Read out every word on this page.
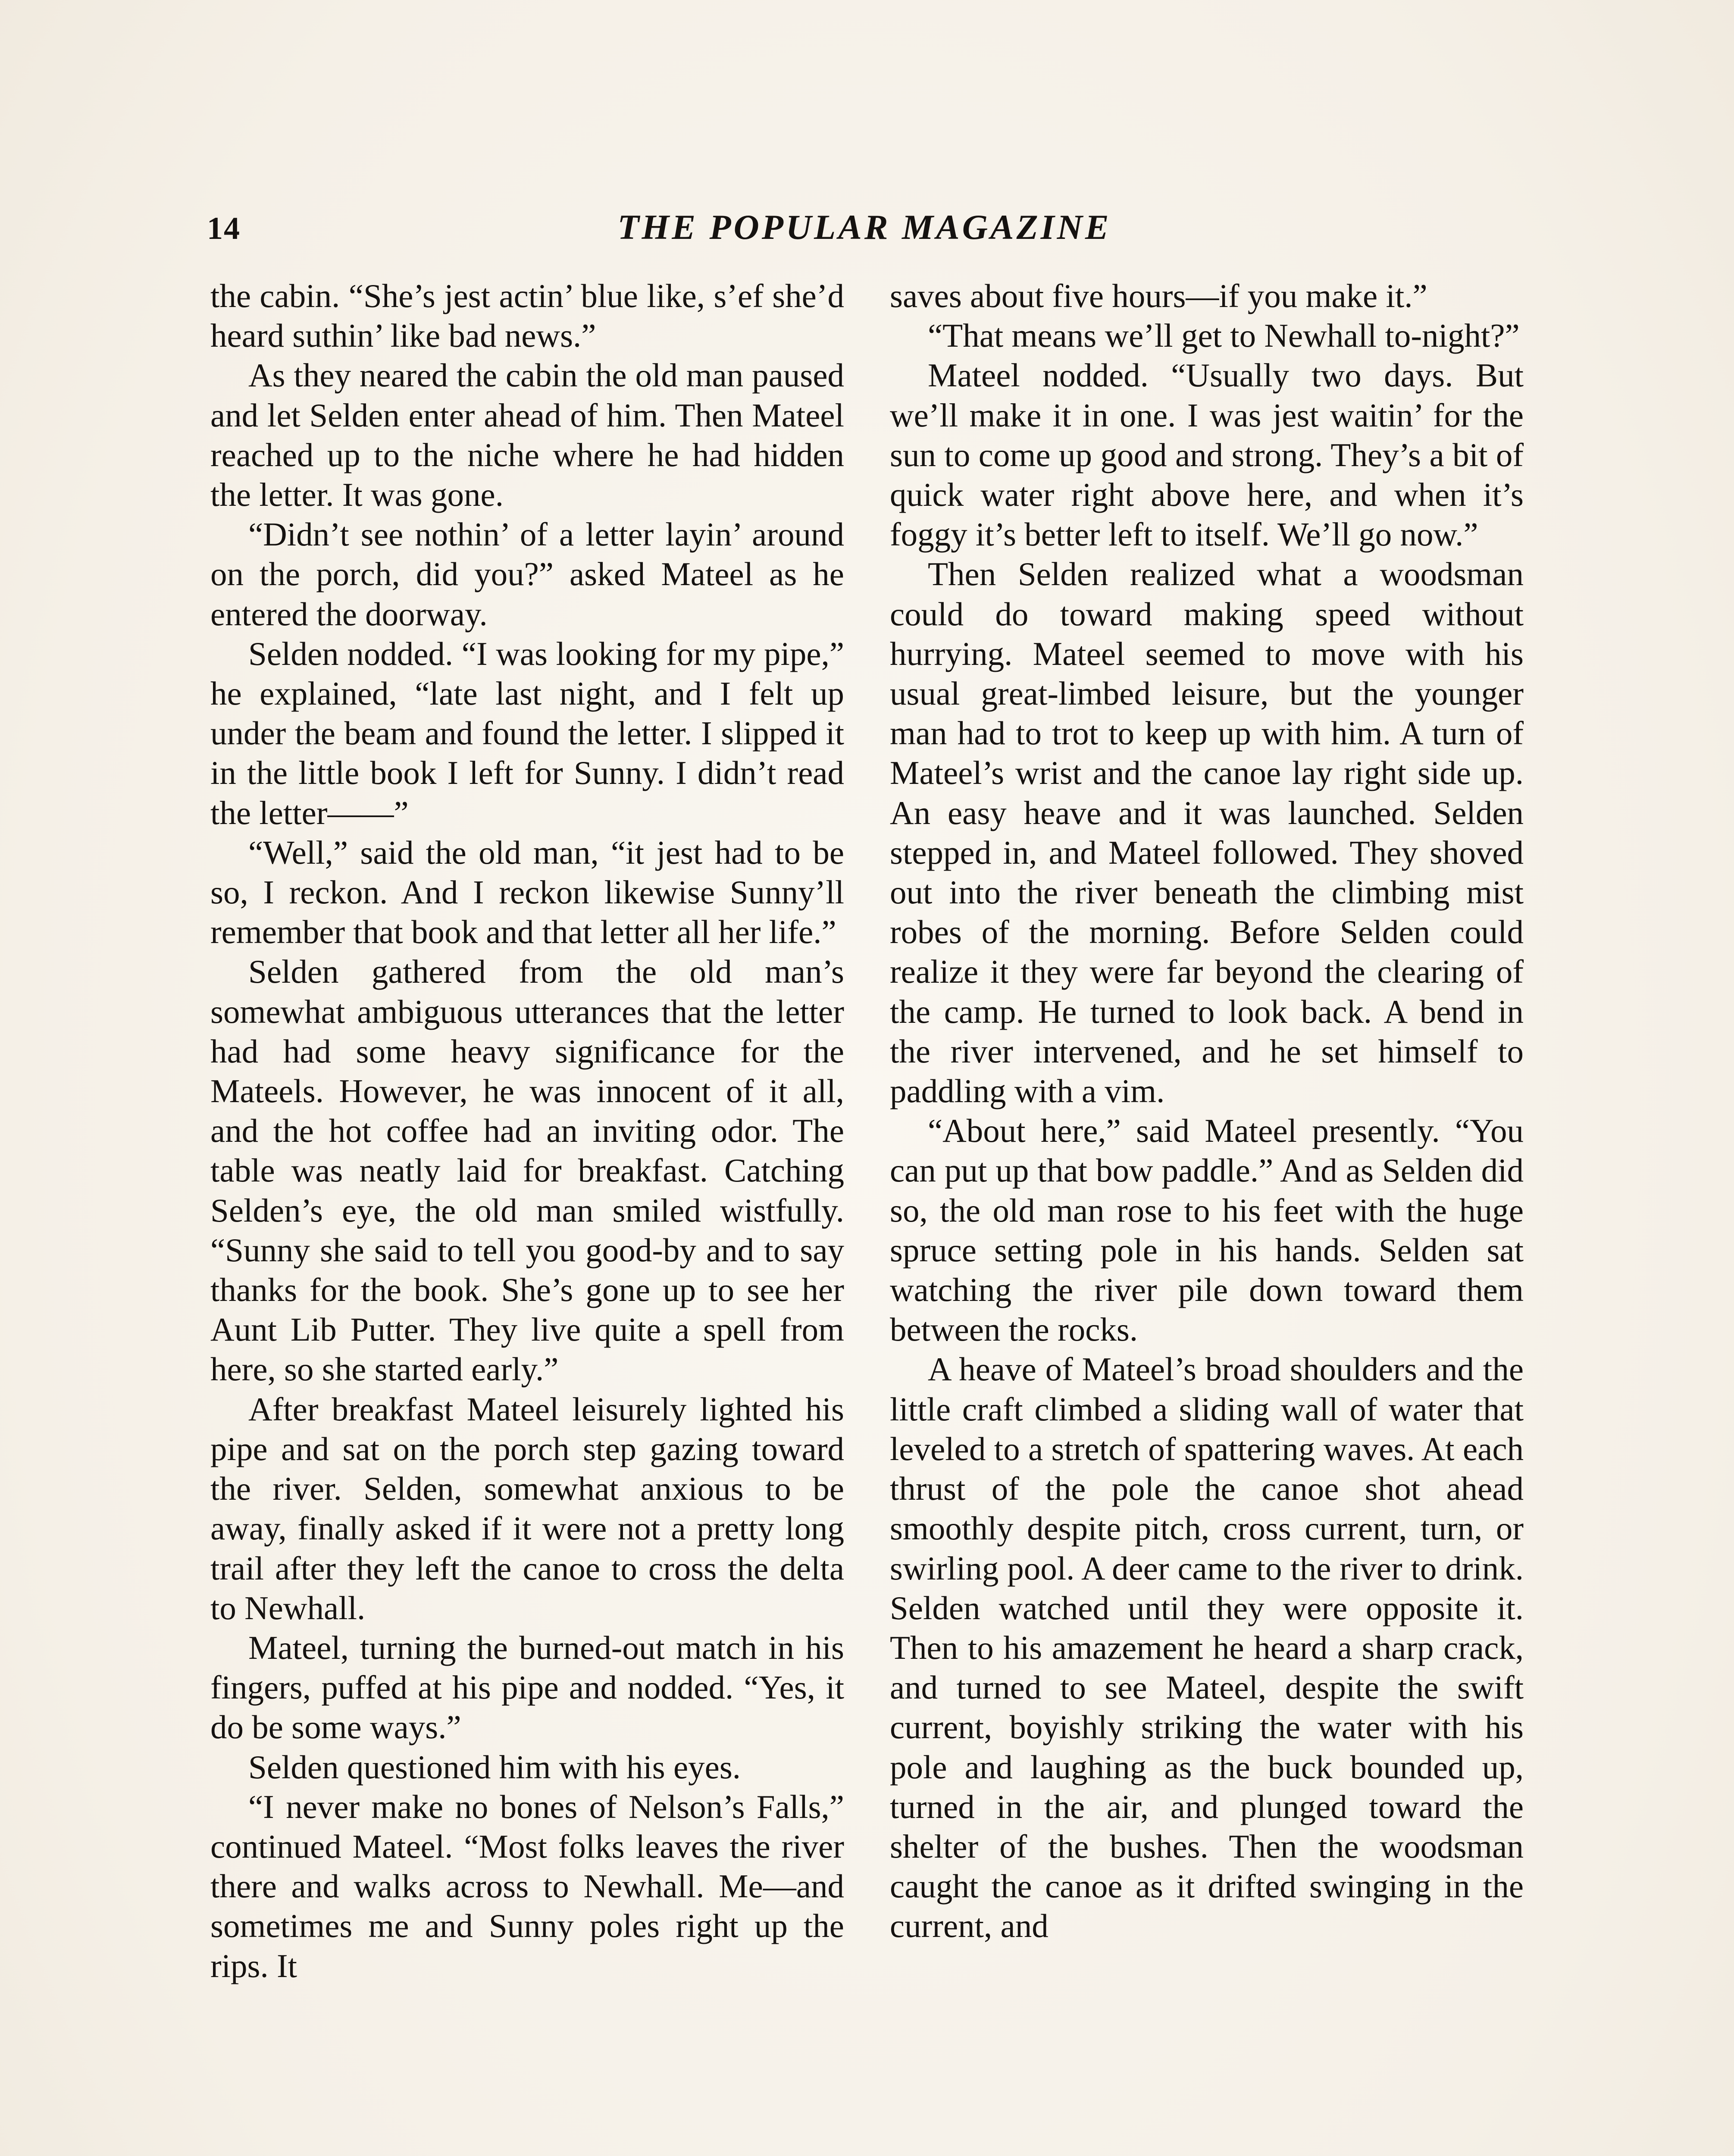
14	THE POPULAR MAGAZINE

the cabin. “She’s jest actin’ blue like, s’ef she’d heard suthin’ like bad news.”

As they neared the cabin the old man paused and let Selden enter ahead of him. Then Mateel reached up to the niche where he had hidden the letter. It was gone.

“Didn’t see nothin’ of a letter layin’ around on the porch, did you?” asked Mateel as he entered the doorway.

Selden nodded. “I was looking for my pipe,” he explained, “late last night, and I felt up under the beam and found the letter. I slipped it in the little book I left for Sunny. I didn’t read the letter——”

“Well,” said the old man, “it jest had to be so, I reckon. And I reckon likewise Sunny’ll remember that book and that letter all her life.”

Selden gathered from the old man’s somewhat ambiguous utterances that the letter had had some heavy significance for the Mateels. However, he was innocent of it all, and the hot coffee had an inviting odor. The table was neatly laid for breakfast. Catching Selden’s eye, the old man smiled wistfully. “Sunny she said to tell you good-by and to say thanks for the book. She’s gone up to see her Aunt Lib Putter. They live quite a spell from here, so she started early.”

After breakfast Mateel leisurely lighted his pipe and sat on the porch step gazing toward the river. Selden, somewhat anxious to be away, finally asked if it were not a pretty long trail after they left the canoe to cross the delta to Newhall.

Mateel, turning the burned-out match in his fingers, puffed at his pipe and nodded. “Yes, it do be some ways.”

Selden questioned him with his eyes.

“I never make no bones of Nelson’s Falls,” continued Mateel. “Most folks leaves the river there and walks across to Newhall. Me—and sometimes me and Sunny poles right up the rips. It

saves about five hours—if you make it.”

“That means we’ll get to Newhall to-night?”

Mateel nodded. “Usually two days. But we’ll make it in one. I was jest waitin’ for the sun to come up good and strong. They’s a bit of quick water right above here, and when it’s foggy it’s better left to itself. We’ll go now.”

Then Selden realized what a woodsman could do toward making speed without hurrying. Mateel seemed to move with his usual great-limbed leisure, but the younger man had to trot to keep up with him. A turn of Mateel’s wrist and the canoe lay right side up. An easy heave and it was launched. Selden stepped in, and Mateel followed. They shoved out into the river beneath the climbing mist robes of the morning. Before Selden could realize it they were far beyond the clearing of the camp. He turned to look back. A bend in the river intervened, and he set himself to paddling with a vim.

“About here,” said Mateel presently. “You can put up that bow paddle.” And as Selden did so, the old man rose to his feet with the huge spruce setting pole in his hands. Selden sat watching the river pile down toward them between the rocks.

A heave of Mateel’s broad shoulders and the little craft climbed a sliding wall of water that leveled to a stretch of spattering waves. At each thrust of the pole the canoe shot ahead smoothly despite pitch, cross current, turn, or swirling pool. A deer came to the river to drink. Selden watched until they were opposite it. Then to his amazement he heard a sharp crack, and turned to see Mateel, despite the swift current, boyishly striking the water with his pole and laughing as the buck bounded up, turned in the air, and plunged toward the shelter of the bushes. Then the woodsman caught the canoe as it drifted swinging in the current, and
